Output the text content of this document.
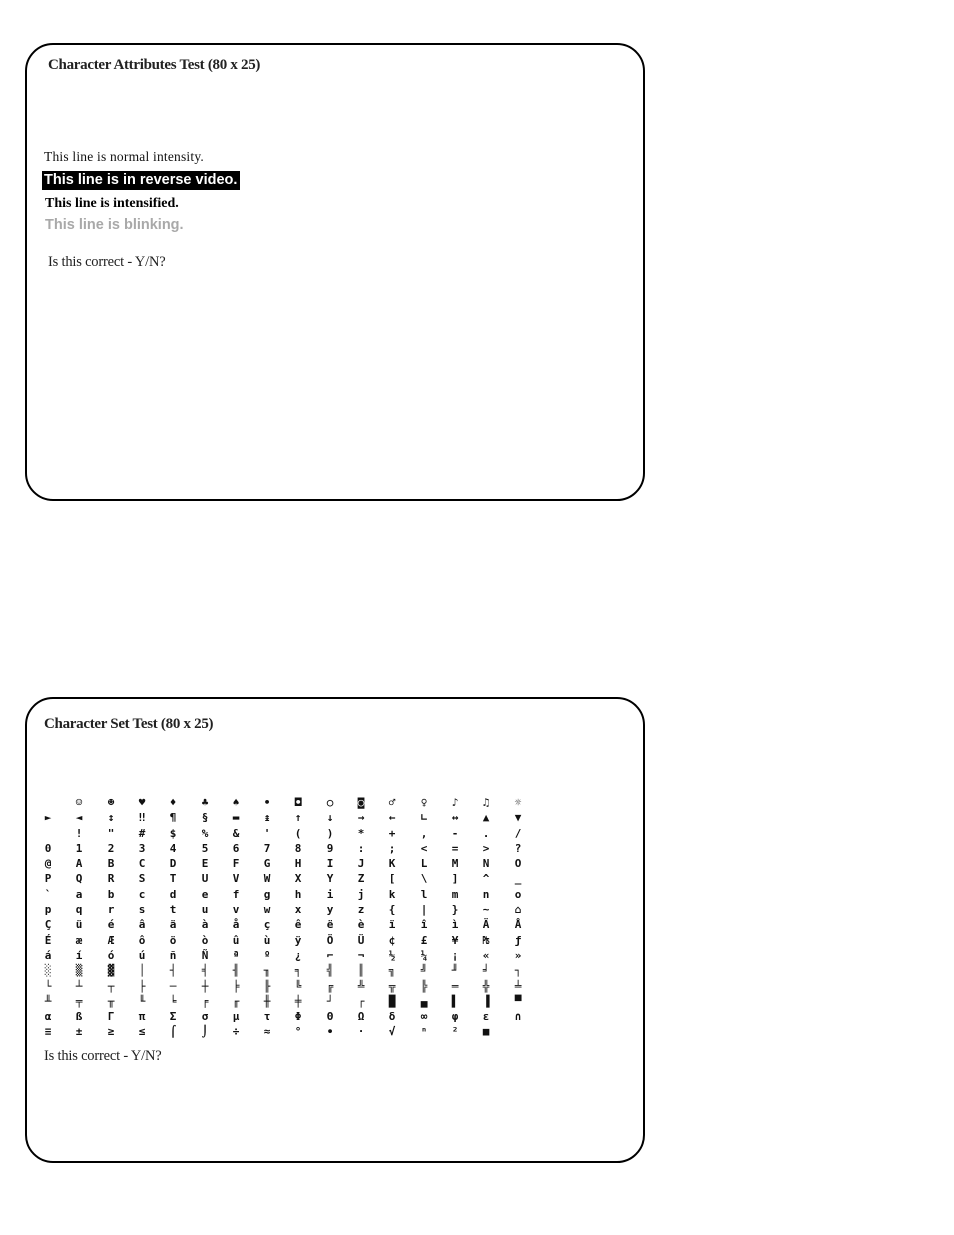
Character Attributes Test (80 x 25)
This line is normal intensity.
This line is in reverse video.
This line is intensified.
This line is blinking.
Is this correct - Y/N?
Character Set Test (80 x 25)
►
0
@
P
`
p
Ç
É
á
░
└
╨
α
≡
☺
◄
!
1
A
Q
a
q
ü
æ
í
▒
┴
╤
ß
±
☻
↕
"
2
B
R
b
r
é
Æ
ó
▓
┬
╥
Γ
≥
♥
‼
#
3
C
S
c
s
â
ô
ú
│
├
╙
π
≤
♦
¶
$
4
D
T
d
t
ä
ö
ñ
┤
─
╘
Σ
⌠
♣
§
%
5
E
U
e
u
à
ò
Ñ
╡
┼
╒
σ
⌡
♠
▬
&
6
F
V
f
v
å
û
ª
╢
╞
╓
µ
÷
•
↨
'
7
G
W
g
w
ç
ù
º
╖
╟
╫
τ
≈
◘
↑
(
8
H
X
h
x
ê
ÿ
¿
╕
╚
╪
Φ
°
○
↓
)
9
I
Y
i
y
ë
Ö
⌐
╣
╔
┘
Θ
∙
◙
→
*
:
J
Z
j
z
è
Ü
¬
║
╩
┌
Ω
·
♂
←
+
;
K
[
k
{
ï
¢
½
╗
╦
█
δ
√
♀
∟
,
<
L
\
l
|
î
£
¼
╝
╠
▄
∞
ⁿ
♪
↔
-
=
M
]
m
}
ì
¥
¡
╜
═
▌
φ
²
♫
▲
.
>
N
^
n
~
Ä
₧
«
╛
╬
▐
ε
■
☼
▼
/
?
O
_
o
⌂
Å
ƒ
»
┐
╧
▀
∩
Is this correct - Y/N?
